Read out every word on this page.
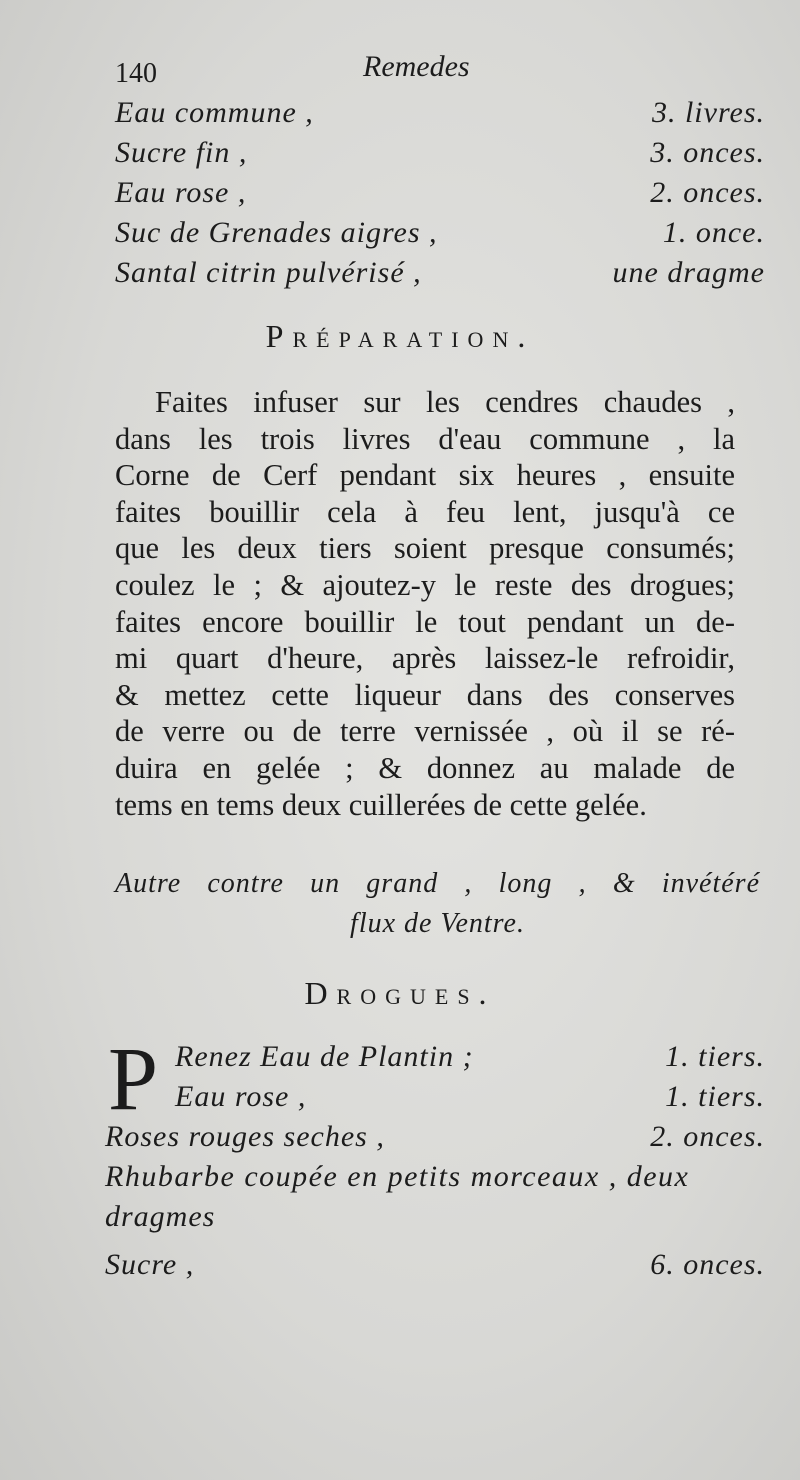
140	Remedes
Eau commune ,	3. livres.
Sucre fin ,	3. onces.
Eau rose ,	2. onces.
Suc de Grenades aigres ,	1. once.
Santal citrin pulvérisé ,	une dragme
Préparation.
Faites infuser sur les cendres chaudes ,
dans les trois livres d'eau commune , la
Corne de Cerf pendant six heures , ensuite
faites bouillir cela à feu lent, jusqu'à ce
que les deux tiers soient presque consumés;
coulez le ; & ajoutez-y le reste des drogues;
faites encore bouillir le tout pendant un de-
mi quart d'heure, après laissez-le refroidir,
& mettez cette liqueur dans des conserves
de verre ou de terre vernissée , où il se ré-
duira en gelée ; & donnez au malade de
tems en tems deux cuillerées de cette gelée.
Autre contre un grand , long , & invétéré
flux de Ventre.
Drogues.
P Renez Eau de Plantin ;	1. tiers.
Eau rose ,	1. tiers.
Roses rouges seches ,	2. onces.
Rhubarbe coupée en petits morceaux , deux
dragmes
Sucre ,	6. onces.
